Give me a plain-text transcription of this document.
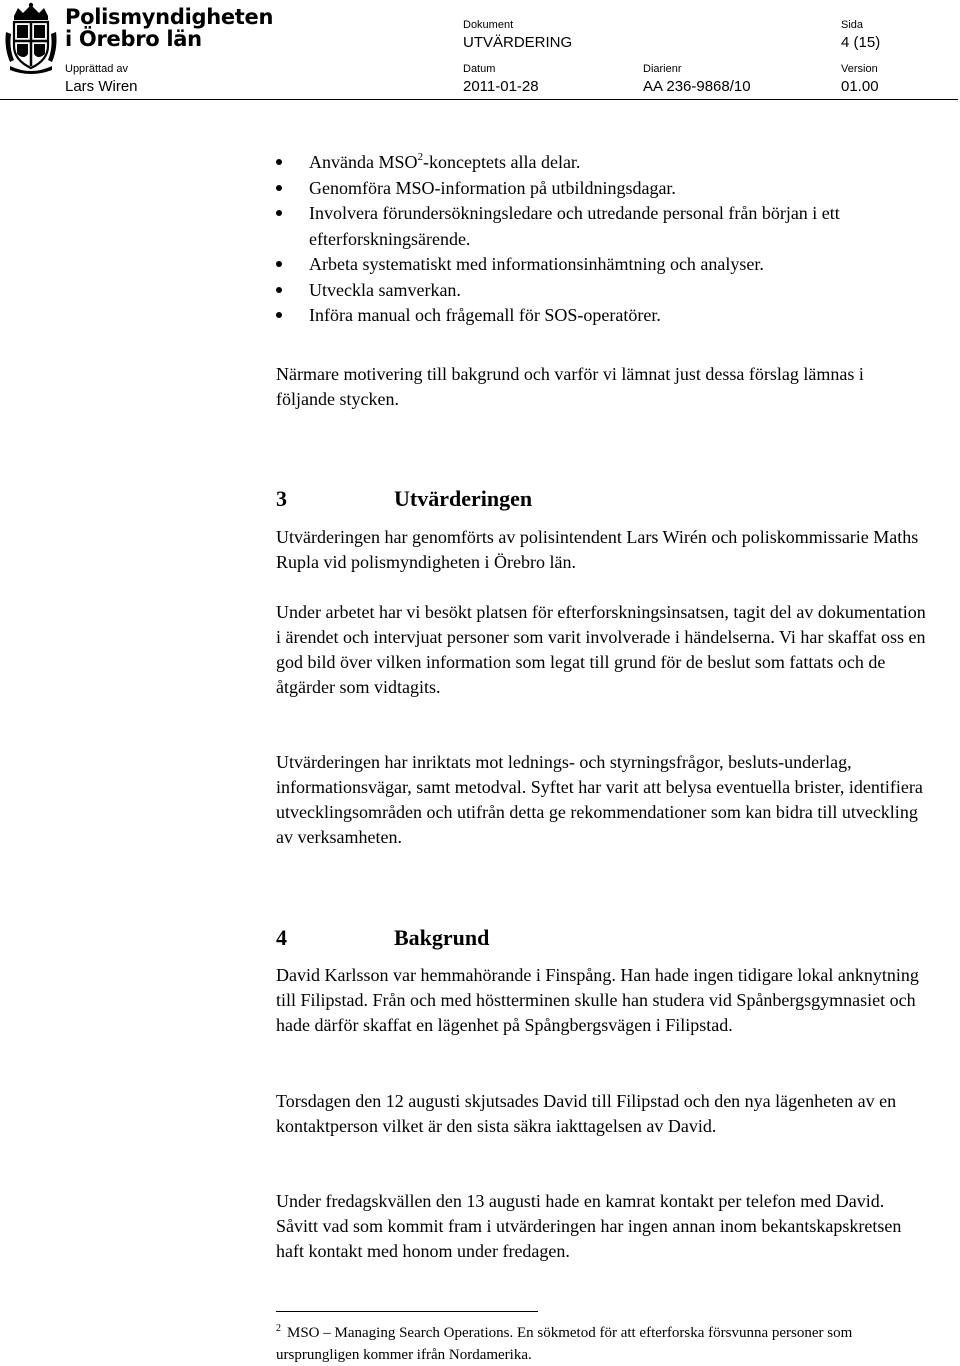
Polismyndigheten
i Örebro län
Dokument
UTVÄRDERING
Sida
4 (15)
Upprättad av
Lars Wiren
Datum
2011-01-28
Diarienr
AA 236-9868/10
Version
01.00
Använda MSO$^2$-konceptets alla delar.
Genomföra MSO-information på utbildningsdagar.
Involvera förundersökningsledare och utredande personal från början i ett efterforskningsärende.
Arbeta systematiskt med informationsinhämtning och analyser.
Utveckla samverkan.
Införa manual och frågemall för SOS-operatörer.

Närmare motivering till bakgrund och varför vi lämnat just dessa förslag lämnas i följande stycken.

3	Utvärderingen

Utvärderingen har genomförts av polisintendent Lars Wirén och poliskommissarie Maths Rupla vid polismyndigheten i Örebro län.

Under arbetet har vi besökt platsen för efterforskningsinsatsen, tagit del av dokumentation i ärendet och intervjuat personer som varit involverade i händelserna. Vi har skaffat oss en god bild över vilken information som legat till grund för de beslut som fattats och de åtgärder som vidtagits.

Utvärderingen har inriktats mot lednings- och styrningsfrågor, besluts-underlag, informationsvägar, samt metodval. Syftet har varit att belysa eventuella brister, identifiera utvecklingsområden och utifrån detta ge rekommendationer som kan bidra till utveckling av verksamheten.

4	Bakgrund

David Karlsson var hemmahörande i Finspång. Han hade ingen tidigare lokal anknytning till Filipstad. Från och med höstterminen skulle han studera vid Spånbergsgymnasiet och hade därför skaffat en lägenhet på Spångbergsvägen i Filipstad.

Torsdagen den 12 augusti skjutsades David till Filipstad och den nya lägenheten av en kontaktperson vilket är den sista säkra iakttagelsen av David.

Under fredagskvällen den 13 augusti hade en kamrat kontakt per telefon med David. Såvitt vad som kommit fram i utvärderingen har ingen annan inom bekantskapskretsen haft kontakt med honom under fredagen.

$^2$ MSO – Managing Search Operations. En sökmetod för att efterforska försvunna personer som ursprungligen kommer ifrån Nordamerika.
